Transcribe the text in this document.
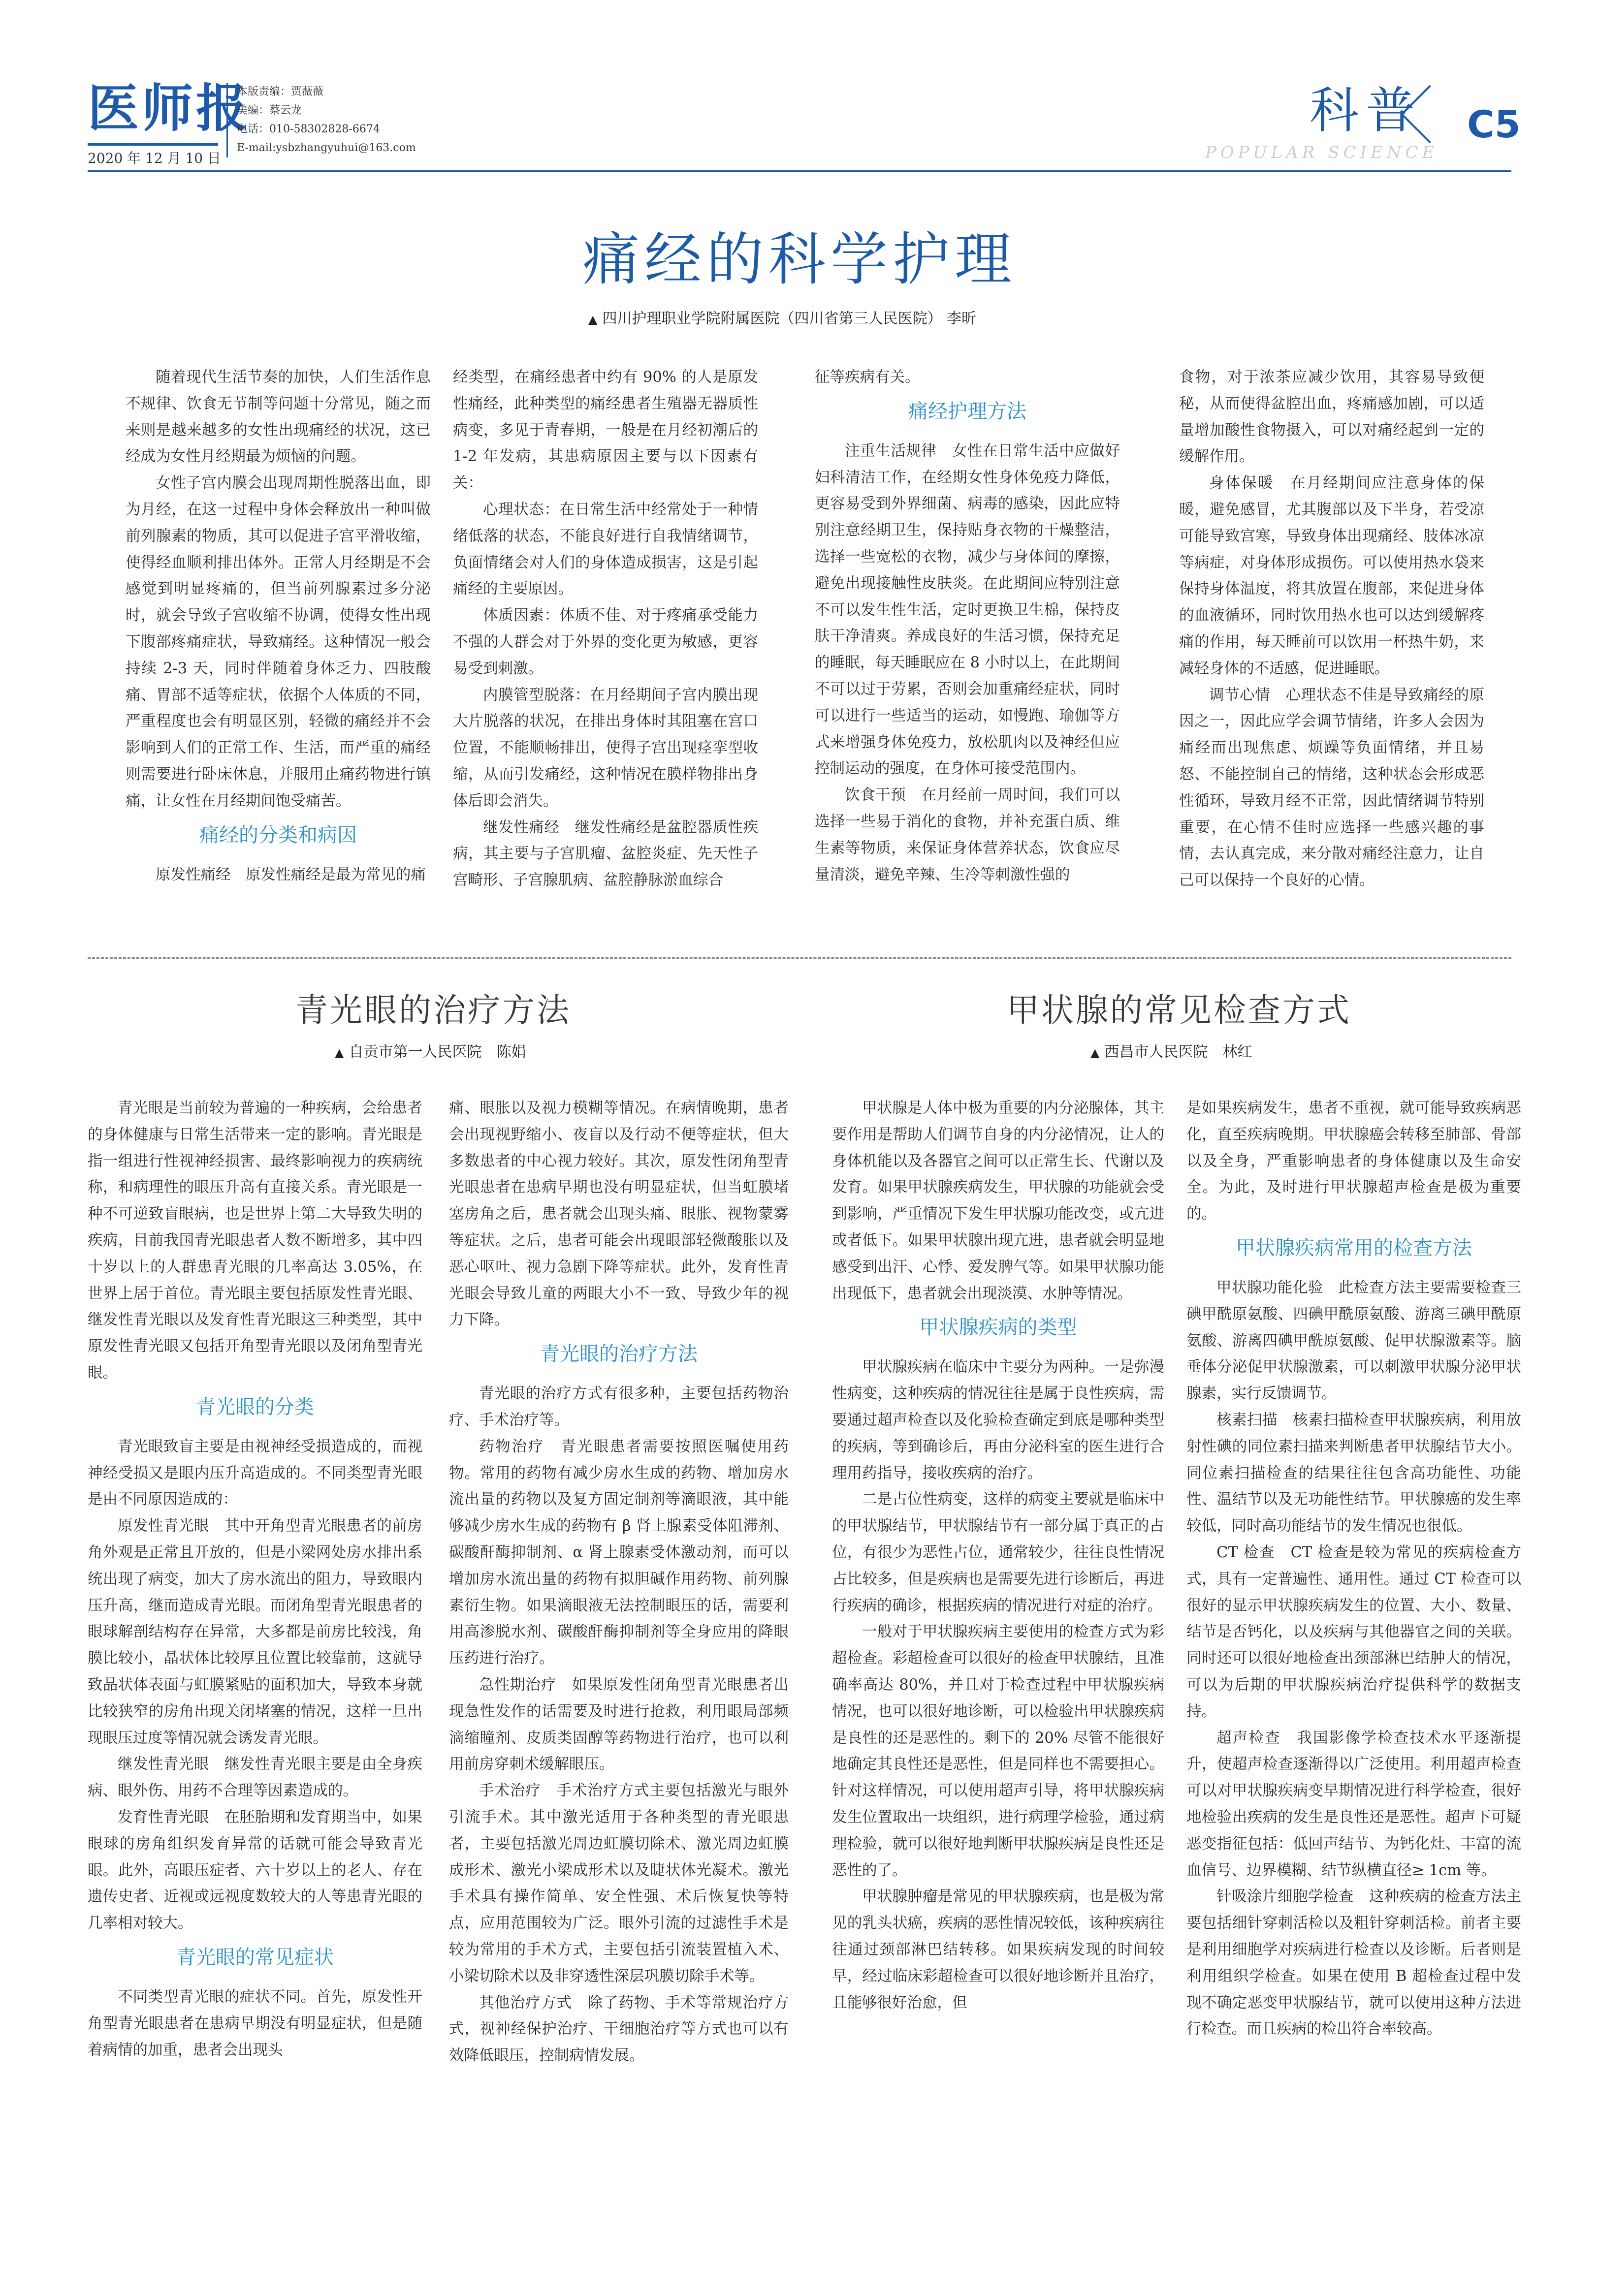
医师报
2020 年 12 月 10 日
本版责编：贾薇薇
美编：蔡云龙
电话：010-58302828-6674
E-mail:ysbzhangyuhui@163.com
科普
POPULAR SCIENCE
C5
痛经的科学护理
▲ 四川护理职业学院附属医院（四川省第三人民医院） 李昕

随着现代生活节奏的加快，人们生活作息不规律、饮食无节制等问题十分常见，随之而来则是越来越多的女性出现痛经的状况，这已经成为女性月经期最为烦恼的问题。

女性子宫内膜会出现周期性脱落出血，即为月经，在这一过程中身体会释放出一种叫做前列腺素的物质，其可以促进子宫平滑收缩，使得经血顺利排出体外。正常人月经期是不会感觉到明显疼痛的，但当前列腺素过多分泌时，就会导致子宫收缩不协调，使得女性出现下腹部疼痛症状，导致痛经。这种情况一般会持续 2-3 天，同时伴随着身体乏力、四肢酸痛、胃部不适等症状，依据个人体质的不同，严重程度也会有明显区别，轻微的痛经并不会影响到人们的正常工作、生活，而严重的痛经则需要进行卧床休息，并服用止痛药物进行镇痛，让女性在月经期间饱受痛苦。

痛经的分类和病因

原发性痛经　原发性痛经是最为常见的痛

经类型，在痛经患者中约有 90% 的人是原发性痛经，此种类型的痛经患者生殖器无器质性病变，多见于青春期，一般是在月经初潮后的 1-2 年发病，其患病原因主要与以下因素有关：

心理状态：在日常生活中经常处于一种情绪低落的状态，不能良好进行自我情绪调节，负面情绪会对人们的身体造成损害，这是引起痛经的主要原因。

体质因素：体质不佳、对于疼痛承受能力不强的人群会对于外界的变化更为敏感，更容易受到刺激。

内膜管型脱落：在月经期间子宫内膜出现大片脱落的状况，在排出身体时其阻塞在宫口位置，不能顺畅排出，使得子宫出现痉挛型收缩，从而引发痛经，这种情况在膜样物排出身体后即会消失。

继发性痛经　继发性痛经是盆腔器质性疾病，其主要与子宫肌瘤、盆腔炎症、先天性子宫畸形、子宫腺肌病、盆腔静脉淤血综合

征等疾病有关。

痛经护理方法

注重生活规律　女性在日常生活中应做好妇科清洁工作，在经期女性身体免疫力降低，更容易受到外界细菌、病毒的感染，因此应特别注意经期卫生，保持贴身衣物的干燥整洁，选择一些宽松的衣物，减少与身体间的摩擦，避免出现接触性皮肤炎。在此期间应特别注意不可以发生性生活，定时更换卫生棉，保持皮肤干净清爽。养成良好的生活习惯，保持充足的睡眠，每天睡眠应在 8 小时以上，在此期间不可以过于劳累，否则会加重痛经症状，同时可以进行一些适当的运动，如慢跑、瑜伽等方式来增强身体免疫力，放松肌肉以及神经但应控制运动的强度，在身体可接受范围内。

饮食干预　在月经前一周时间，我们可以选择一些易于消化的食物，并补充蛋白质、维生素等物质，来保证身体营养状态，饮食应尽量清淡，避免辛辣、生冷等刺激性强的

食物，对于浓茶应减少饮用，其容易导致便秘，从而使得盆腔出血，疼痛感加剧，可以适量增加酸性食物摄入，可以对痛经起到一定的缓解作用。

身体保暖　在月经期间应注意身体的保暖，避免感冒，尤其腹部以及下半身，若受凉可能导致宫寒，导致身体出现痛经、肢体冰凉等病症，对身体形成损伤。可以使用热水袋来保持身体温度，将其放置在腹部，来促进身体的血液循环，同时饮用热水也可以达到缓解疼痛的作用，每天睡前可以饮用一杯热牛奶，来减轻身体的不适感，促进睡眠。

调节心情　心理状态不佳是导致痛经的原因之一，因此应学会调节情绪，许多人会因为痛经而出现焦虑、烦躁等负面情绪，并且易怒、不能控制自己的情绪，这种状态会形成恶性循环，导致月经不正常，因此情绪调节特别重要，在心情不佳时应选择一些感兴趣的事情，去认真完成，来分散对痛经注意力，让自己可以保持一个良好的心情。

青光眼的治疗方法
▲ 自贡市第一人民医院　陈娟

青光眼是当前较为普遍的一种疾病，会给患者的身体健康与日常生活带来一定的影响。青光眼是指一组进行性视神经损害、最终影响视力的疾病统称，和病理性的眼压升高有直接关系。青光眼是一种不可逆致盲眼病，也是世界上第二大导致失明的疾病，目前我国青光眼患者人数不断增多，其中四十岁以上的人群患青光眼的几率高达 3.05%，在世界上居于首位。青光眼主要包括原发性青光眼、继发性青光眼以及发育性青光眼这三种类型，其中原发性青光眼又包括开角型青光眼以及闭角型青光眼。

青光眼的分类

青光眼致盲主要是由视神经受损造成的，而视神经受损又是眼内压升高造成的。不同类型青光眼是由不同原因造成的：

原发性青光眼　其中开角型青光眼患者的前房角外观是正常且开放的，但是小梁网处房水排出系统出现了病变，加大了房水流出的阻力，导致眼内压升高，继而造成青光眼。而闭角型青光眼患者的眼球解剖结构存在异常，大多都是前房比较浅，角膜比较小，晶状体比较厚且位置比较靠前，这就导致晶状体表面与虹膜紧贴的面积加大，导致本身就比较狭窄的房角出现关闭堵塞的情况，这样一旦出现眼压过度等情况就会诱发青光眼。

继发性青光眼　继发性青光眼主要是由全身疾病、眼外伤、用药不合理等因素造成的。

发育性青光眼　在胚胎期和发育期当中，如果眼球的房角组织发育异常的话就可能会导致青光眼。此外，高眼压症者、六十岁以上的老人、存在遗传史者、近视或远视度数较大的人等患青光眼的几率相对较大。

青光眼的常见症状

不同类型青光眼的症状不同。首先，原发性开角型青光眼患者在患病早期没有明显症状，但是随着病情的加重，患者会出现头

痛、眼胀以及视力模糊等情况。在病情晚期，患者会出现视野缩小、夜盲以及行动不便等症状，但大多数患者的中心视力较好。其次，原发性闭角型青光眼患者在患病早期也没有明显症状，但当虹膜堵塞房角之后，患者就会出现头痛、眼胀、视物蒙雾等症状。之后，患者可能会出现眼部轻微酸胀以及恶心呕吐、视力急剧下降等症状。此外，发育性青光眼会导致儿童的两眼大小不一致、导致少年的视力下降。

青光眼的治疗方法

青光眼的治疗方式有很多种，主要包括药物治疗、手术治疗等。

药物治疗　青光眼患者需要按照医嘱使用药物。常用的药物有减少房水生成的药物、增加房水流出量的药物以及复方固定制剂等滴眼液，其中能够减少房水生成的药物有 β 肾上腺素受体阻滞剂、碳酸酐酶抑制剂、α 肾上腺素受体激动剂，而可以增加房水流出量的药物有拟胆碱作用药物、前列腺素衍生物。如果滴眼液无法控制眼压的话，需要利用高渗脱水剂、碳酸酐酶抑制剂等全身应用的降眼压药进行治疗。

急性期治疗　如果原发性闭角型青光眼患者出现急性发作的话需要及时进行抢救，利用眼局部频滴缩瞳剂、皮质类固醇等药物进行治疗，也可以利用前房穿刺术缓解眼压。

手术治疗　手术治疗方式主要包括激光与眼外引流手术。其中激光适用于各种类型的青光眼患者，主要包括激光周边虹膜切除术、激光周边虹膜成形术、激光小梁成形术以及睫状体光凝术。激光手术具有操作简单、安全性强、术后恢复快等特点，应用范围较为广泛。眼外引流的过滤性手术是较为常用的手术方式，主要包括引流装置植入术、小梁切除术以及非穿透性深层巩膜切除手术等。

其他治疗方式　除了药物、手术等常规治疗方式，视神经保护治疗、干细胞治疗等方式也可以有效降低眼压，控制病情发展。

甲状腺的常见检查方式
▲ 西昌市人民医院　林红

甲状腺是人体中极为重要的内分泌腺体，其主要作用是帮助人们调节自身的内分泌情况，让人的身体机能以及各器官之间可以正常生长、代谢以及发育。如果甲状腺疾病发生，甲状腺的功能就会受到影响，严重情况下发生甲状腺功能改变，或亢进或者低下。如果甲状腺出现亢进，患者就会明显地感受到出汗、心悸、爱发脾气等。如果甲状腺功能出现低下，患者就会出现淡漠、水肿等情况。

甲状腺疾病的类型

甲状腺疾病在临床中主要分为两种。一是弥漫性病变，这种疾病的情况往往是属于良性疾病，需要通过超声检查以及化验检查确定到底是哪种类型的疾病，等到确诊后，再由分泌科室的医生进行合理用药指导，接收疾病的治疗。

二是占位性病变，这样的病变主要就是临床中的甲状腺结节，甲状腺结节有一部分属于真正的占位，有很少为恶性占位，通常较少，往往良性情况占比较多，但是疾病也是需要先进行诊断后，再进行疾病的确诊，根据疾病的情况进行对症的治疗。

一般对于甲状腺疾病主要使用的检查方式为彩超检查。彩超检查可以很好的检查甲状腺结，且准确率高达 80%，并且对于检查过程中甲状腺疾病情况，也可以很好地诊断，可以检验出甲状腺疾病是良性的还是恶性的。剩下的 20% 尽管不能很好地确定其良性还是恶性，但是同样也不需要担心。针对这样情况，可以使用超声引导，将甲状腺疾病发生位置取出一块组织，进行病理学检验，通过病理检验，就可以很好地判断甲状腺疾病是良性还是恶性的了。

甲状腺肿瘤是常见的甲状腺疾病，也是极为常见的乳头状癌，疾病的恶性情况较低，该种疾病往往通过颈部淋巴结转移。如果疾病发现的时间较早，经过临床彩超检查可以很好地诊断并且治疗，且能够很好治愈，但

是如果疾病发生，患者不重视，就可能导致疾病恶化，直至疾病晚期。甲状腺癌会转移至肺部、骨部以及全身，严重影响患者的身体健康以及生命安全。为此，及时进行甲状腺超声检查是极为重要的。

甲状腺疾病常用的检查方法

甲状腺功能化验　此检查方法主要需要检查三碘甲酰原氨酸、四碘甲酰原氨酸、游离三碘甲酰原氨酸、游离四碘甲酰原氨酸、促甲状腺激素等。脑垂体分泌促甲状腺激素，可以刺激甲状腺分泌甲状腺素，实行反馈调节。

核素扫描　核素扫描检查甲状腺疾病，利用放射性碘的同位素扫描来判断患者甲状腺结节大小。同位素扫描检查的结果往往包含高功能性、功能性、温结节以及无功能性结节。甲状腺癌的发生率较低，同时高功能结节的发生情况也很低。

CT 检查　CT 检查是较为常见的疾病检查方式，具有一定普遍性、通用性。通过 CT 检查可以很好的显示甲状腺疾病发生的位置、大小、数量、结节是否钙化，以及疾病与其他器官之间的关联。同时还可以很好地检查出颈部淋巴结肿大的情况，可以为后期的甲状腺疾病治疗提供科学的数据支持。

超声检查　我国影像学检查技术水平逐渐提升，使超声检查逐渐得以广泛使用。利用超声检查可以对甲状腺疾病变早期情况进行科学检查，很好地检验出疾病的发生是良性还是恶性。超声下可疑恶变指征包括：低回声结节、为钙化灶、丰富的流血信号、边界模糊、结节纵横直径≥ 1cm 等。

针吸涂片细胞学检查　这种疾病的检查方法主要包括细针穿刺活检以及粗针穿刺活检。前者主要是利用细胞学对疾病进行检查以及诊断。后者则是利用组织学检查。如果在使用 B 超检查过程中发现不确定恶变甲状腺结节，就可以使用这种方法进行检查。而且疾病的检出符合率较高。
